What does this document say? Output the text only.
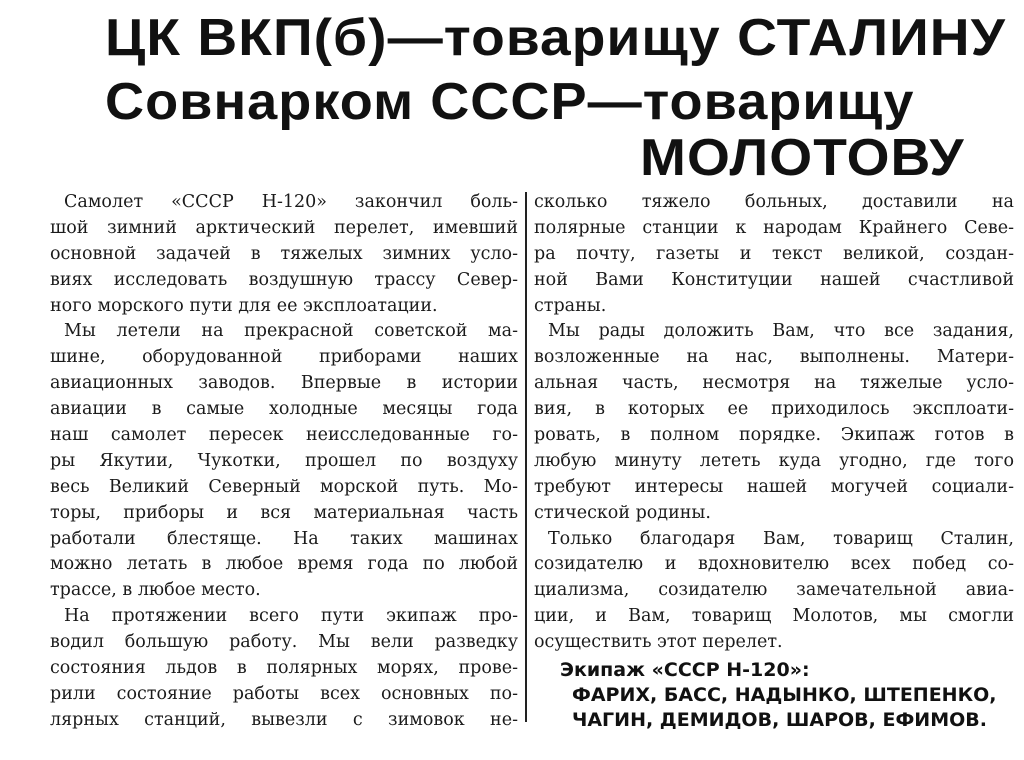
ЦК ВКП(б)—товарищу СТАЛИНУ
Совнарком СССР—товарищу
МОЛОТОВУ
Самолет «СССР Н-120» закончил боль-
шой зимний арктический перелет, имевший
основной задачей в тяжелых зимних усло-
виях исследовать воздушную трассу Север-
ного морского пути для ее эксплоатации.
Мы летели на прекрасной советской ма-
шине, оборудованной приборами наших
авиационных заводов. Впервые в истории
авиации в самые холодные месяцы года
наш самолет пересек неисследованные го-
ры Якутии, Чукотки, прошел по воздуху
весь Великий Северный морской путь. Мо-
торы, приборы и вся материальная часть
работали блестяще. На таких машинах
можно летать в любое время года по любой
трассе, в любое место.
На протяжении всего пути экипаж про-
водил большую работу. Мы вели разведку
состояния льдов в полярных морях, прове-
рили состояние работы всех основных по-
лярных станций, вывезли с зимовок не-
сколько тяжело больных, доставили на
полярные станции к народам Крайнего Севе-
ра почту, газеты и текст великой, создан-
ной Вами Конституции нашей счастливой
страны.
Мы рады доложить Вам, что все задания,
возложенные на нас, выполнены. Матери-
альная часть, несмотря на тяжелые усло-
вия, в которых ее приходилось эксплоати-
ровать, в полном порядке. Экипаж готов в
любую минуту лететь куда угодно, где того
требуют интересы нашей могучей социали-
стической родины.
Только благодаря Вам, товарищ Сталин,
созидателю и вдохновителю всех побед со-
циализма, созидателю замечательной авиа-
ции, и Вам, товарищ Молотов, мы смогли
осуществить этот перелет.
Экипаж «СССР Н-120»:
ФАРИХ, БАСС, НАДЫНКО, ШТЕПЕНКО,
ЧАГИН, ДЕМИДОВ, ШАРОВ, ЕФИМОВ.
